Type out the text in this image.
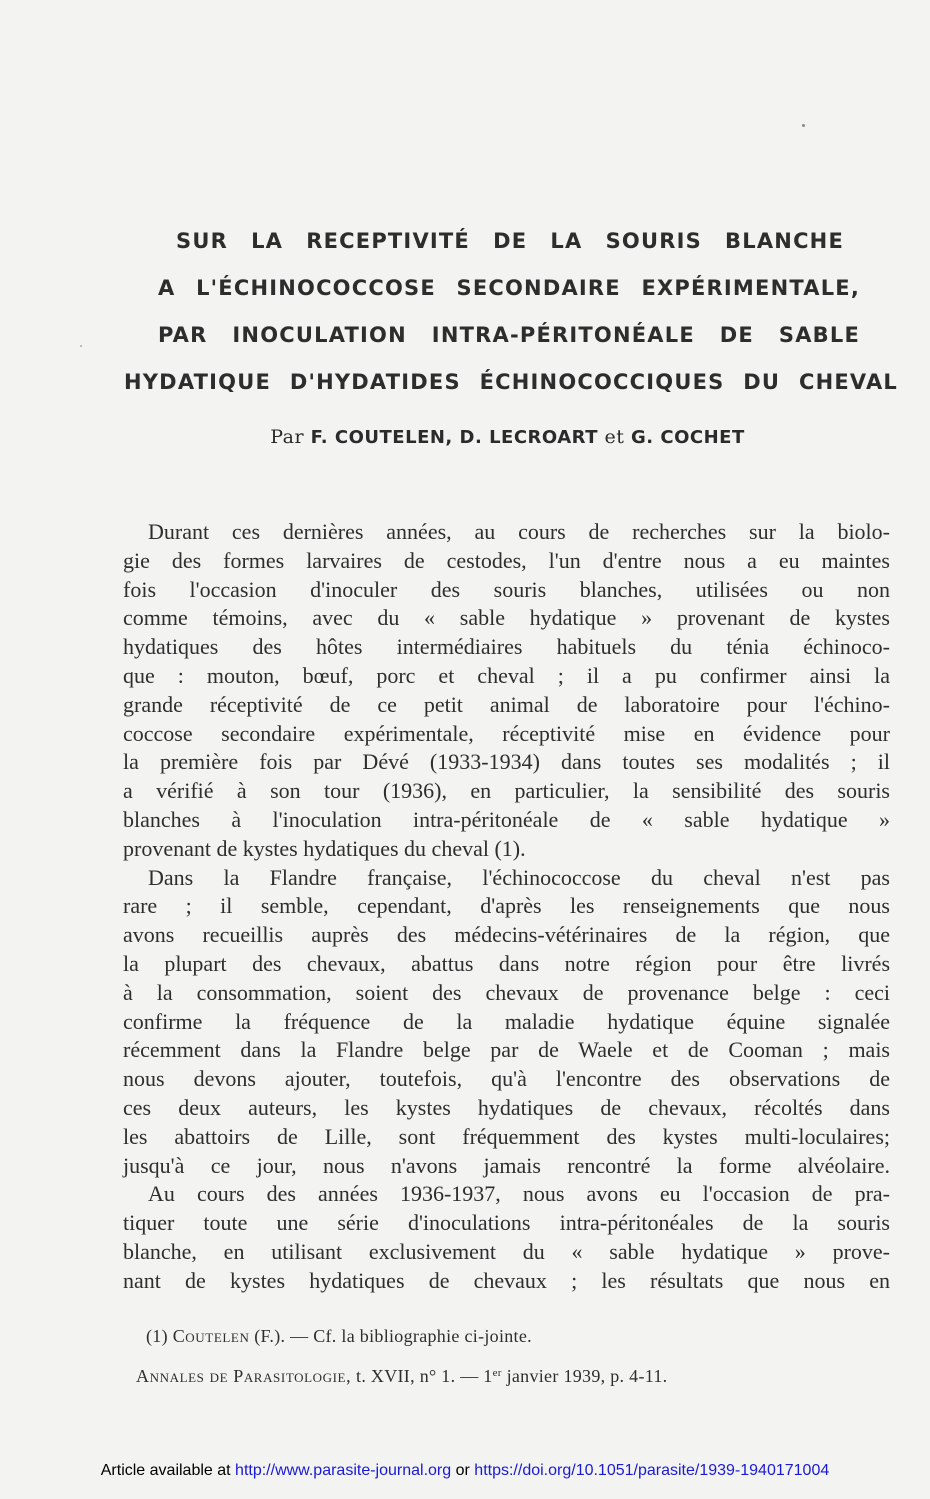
SUR LA RECEPTIVITÉ DE LA SOURIS BLANCHE
A L'ÉCHINOCOCCOSE SECONDAIRE EXPÉRIMENTALE,
PAR INOCULATION INTRA-PÉRITONÉALE DE SABLE
HYDATIQUE D'HYDATIDES ÉCHINOCOCCIQUES DU CHEVAL
Par F. COUTELEN, D. LECROART et G. COCHET
Durant ces dernières années, au cours de recherches sur la biolo-
gie des formes larvaires de cestodes, l'un d'entre nous a eu maintes
fois l'occasion d'inoculer des souris blanches, utilisées ou non
comme témoins, avec du « sable hydatique » provenant de kystes
hydatiques des hôtes intermédiaires habituels du ténia échinoco-
que : mouton, bœuf, porc et cheval ; il a pu confirmer ainsi la
grande réceptivité de ce petit animal de laboratoire pour l'échino-
coccose secondaire expérimentale, réceptivité mise en évidence pour
la première fois par Dévé (1933-1934) dans toutes ses modalités ; il
a vérifié à son tour (1936), en particulier, la sensibilité des souris
blanches à l'inoculation intra-péritonéale de « sable hydatique »
provenant de kystes hydatiques du cheval (1).
Dans la Flandre française, l'échinococcose du cheval n'est pas
rare ; il semble, cependant, d'après les renseignements que nous
avons recueillis auprès des médecins-vétérinaires de la région, que
la plupart des chevaux, abattus dans notre région pour être livrés
à la consommation, soient des chevaux de provenance belge : ceci
confirme la fréquence de la maladie hydatique équine signalée
récemment dans la Flandre belge par de Waele et de Cooman ; mais
nous devons ajouter, toutefois, qu'à l'encontre des observations de
ces deux auteurs, les kystes hydatiques de chevaux, récoltés dans
les abattoirs de Lille, sont fréquemment des kystes multi-loculaires;
jusqu'à ce jour, nous n'avons jamais rencontré la forme alvéolaire.
Au cours des années 1936-1937, nous avons eu l'occasion de pra-
tiquer toute une série d'inoculations intra-péritonéales de la souris
blanche, en utilisant exclusivement du « sable hydatique » prove-
nant de kystes hydatiques de chevaux ; les résultats que nous en
(1) Coutelen (F.). — Cf. la bibliographie ci-jointe.
Annales de Parasitologie, t. XVII, n° 1. — 1er janvier 1939, p. 4-11.
Article available at http://www.parasite-journal.org or https://doi.org/10.1051/parasite/1939-1940171004
